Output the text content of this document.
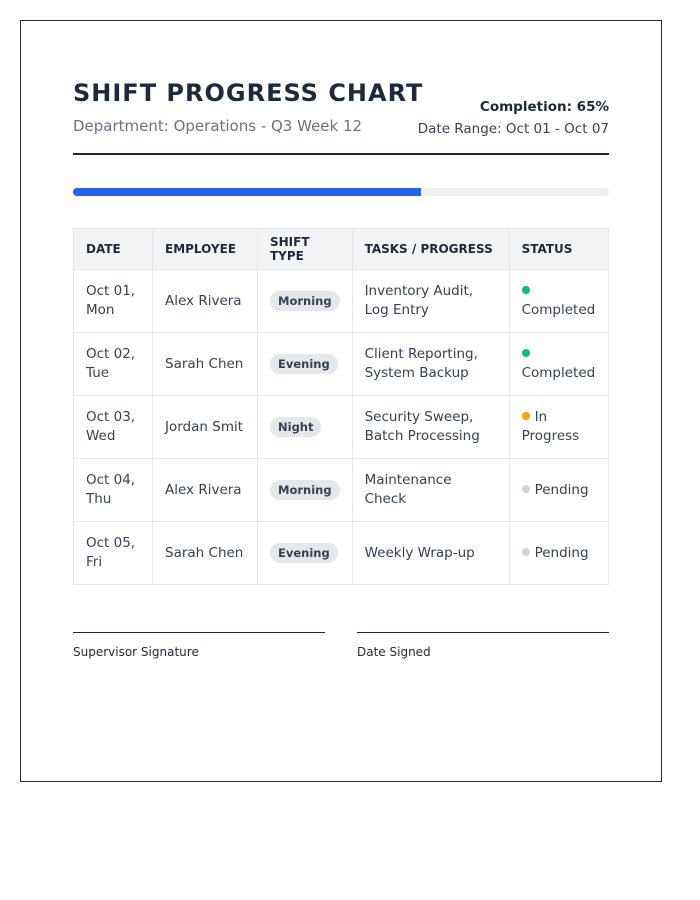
SHIFT PROGRESS CHART
Department: Operations - Q3 Week 12
Completion: 65%
Date Range: Oct 01 - Oct 07
DATE	EMPLOYEE	SHIFT TYPE	TASKS / PROGRESS	STATUS
Oct 01,
Mon	Alex Rivera	Morning	Inventory Audit, Log Entry	Completed
Oct 02,
Tue	Sarah Chen	Evening	Client Reporting, System Backup	Completed
Oct 03,
Wed	Jordan Smit	Night	Security Sweep, Batch Processing	In Progress
Oct 04,
Thu	Alex Rivera	Morning	Maintenance Check	Pending
Oct 05,
Fri	Sarah Chen	Evening	Weekly Wrap-up	Pending
Supervisor Signature	Date Signed
